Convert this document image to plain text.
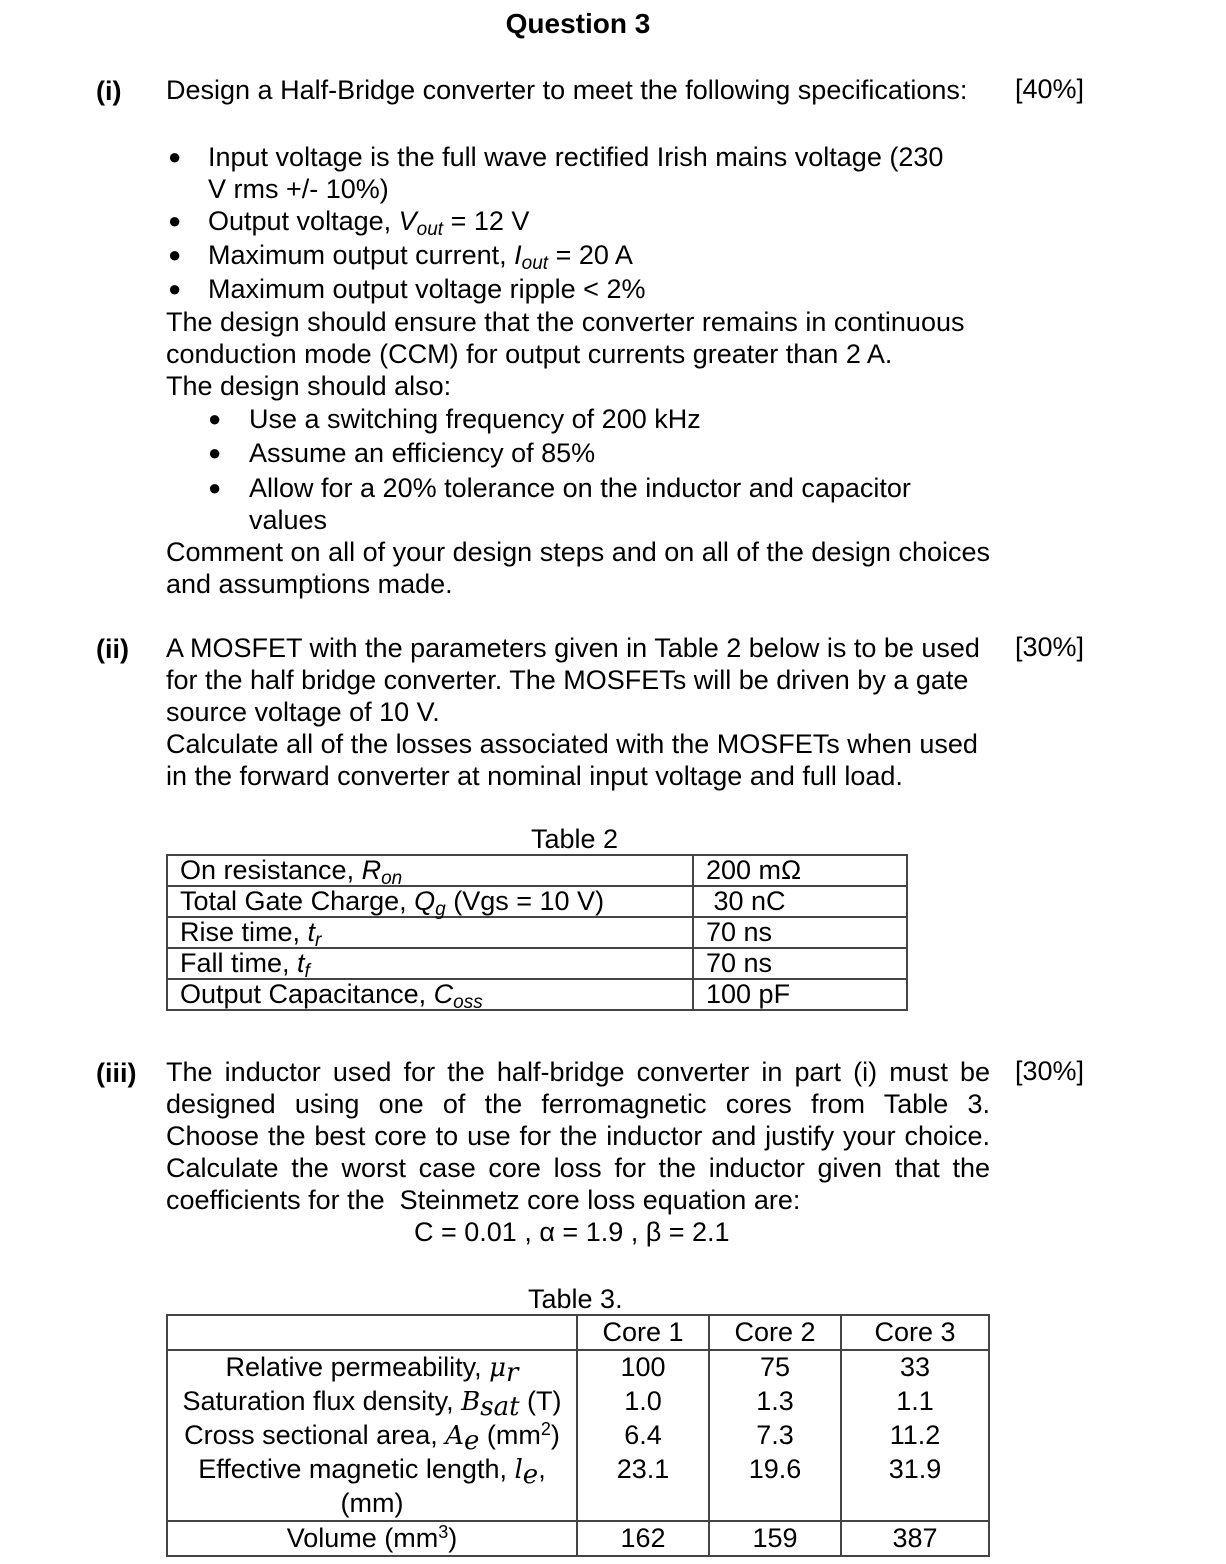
Question 3
(i) Design a Half-Bridge converter to meet the following specifications: [40%]
● Input voltage is the full wave rectified Irish mains voltage (230
V rms +/- 10%)
● Output voltage, $V_{out} = 12$ V
● Maximum output current, $I_{out} = 20$ A
● Maximum output voltage ripple < 2%
The design should ensure that the converter remains in continuous
conduction mode (CCM) for output currents greater than 2 A.
The design should also:
● Use a switching frequency of 200 kHz
● Assume an efficiency of 85%
● Allow for a 20% tolerance on the inductor and capacitor
values
Comment on all of your design steps and on all of the design choices
and assumptions made.
(ii) A MOSFET with the parameters given in Table 2 below is to be used [30%]
for the half bridge converter. The MOSFETs will be driven by a gate
source voltage of 10 V.
Calculate all of the losses associated with the MOSFETs when used
in the forward converter at nominal input voltage and full load.
Table 2
On resistance, $R_{on}$	200 mΩ
Total Gate Charge, $Q_g$ (Vgs = 10 V)	30 nC
Rise time, $t_r$	70 ns
Fall time, $t_f$	70 ns
Output Capacitance, $C_{oss}$	100 pF
(iii) The inductor used for the half-bridge converter in part (i) must be [30%]
designed using one of the ferromagnetic cores from Table 3.
Choose the best core to use for the inductor and justify your choice.
Calculate the worst case core loss for the inductor given that the
coefficients for the  Steinmetz core loss equation are:
C = 0.01 , α = 1.9 , β = 2.1
Table 3.
	Core 1	Core 2	Core 3
Relative permeability, $\mu_r$	100	75	33
Saturation flux density, $B_{sat}$ (T)	1.0	1.3	1.1
Cross sectional area, $A_e$ $(mm^2)$	6.4	7.3	11.2
Effective magnetic length, $l_e$,
(mm)	23.1	19.6	31.9
Volume $(mm^3)$	162	159	387
